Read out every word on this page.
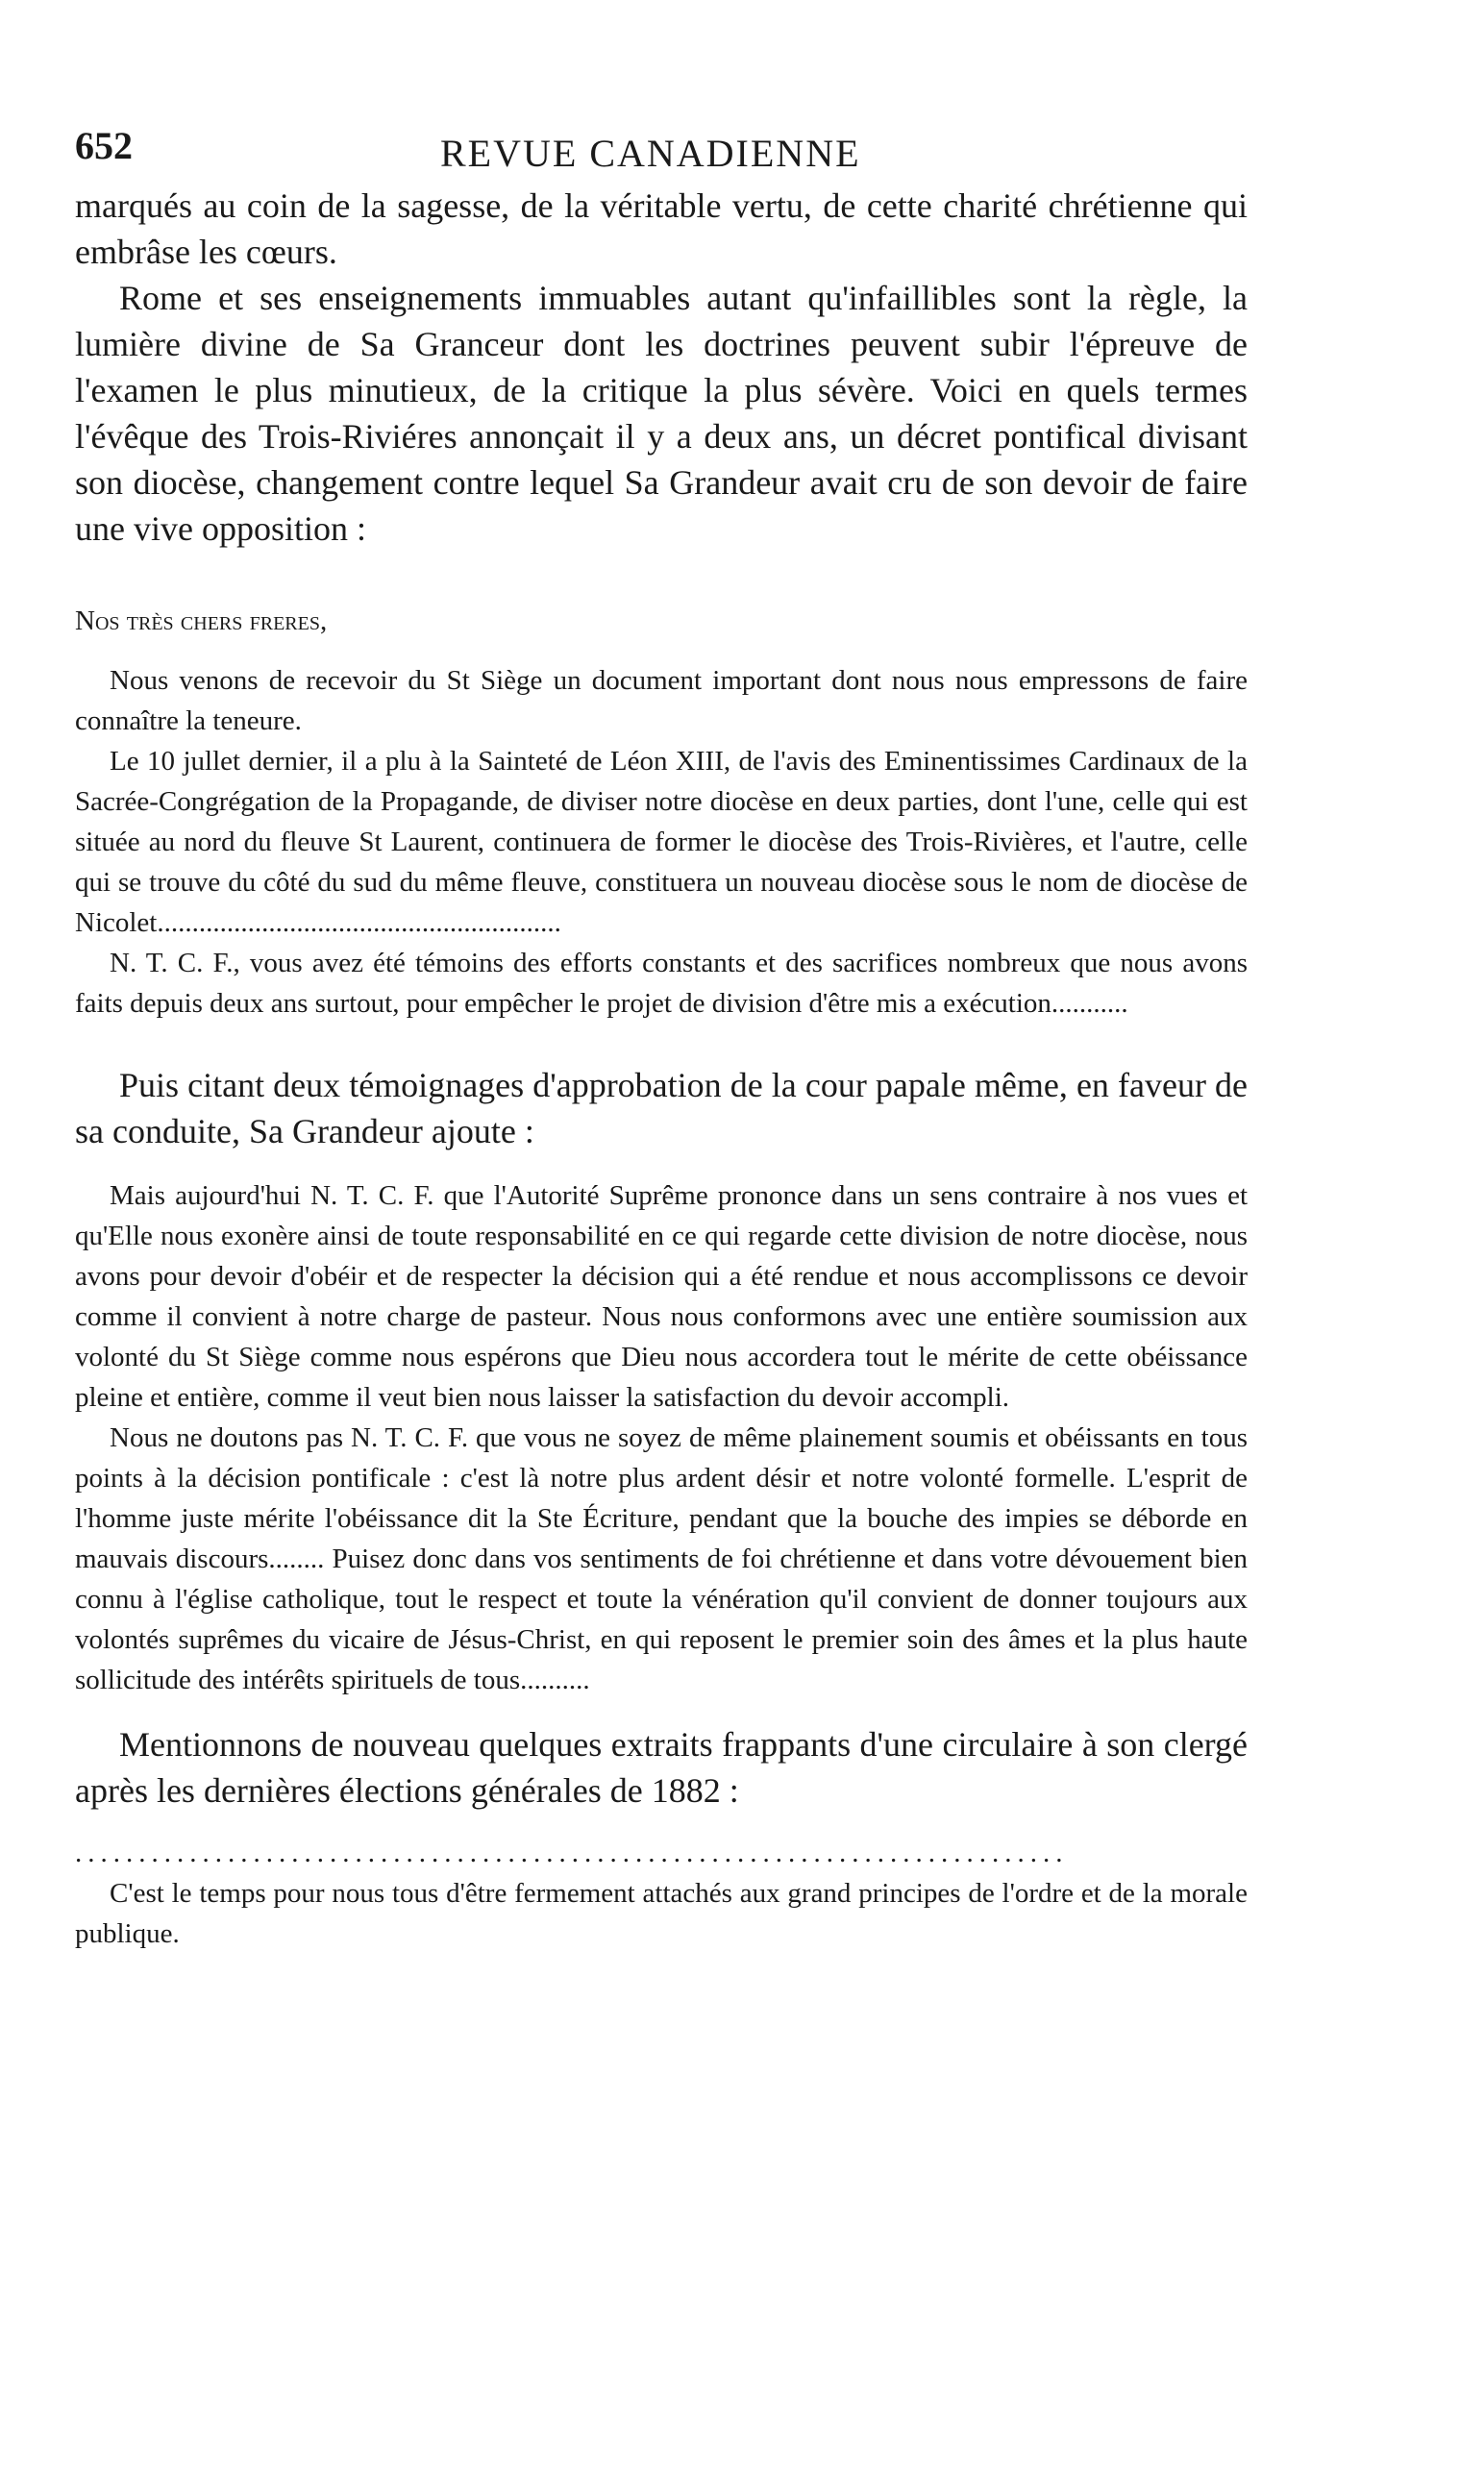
652	REVUE CANADIENNE

marqués au coin de la sagesse, de la véritable vertu, de cette charité chrétienne qui embrâse les cœurs.

Rome et ses enseignements immuables autant qu'infaillibles sont la règle, la lumière divine de Sa Granceur dont les doctrines peuvent subir l'épreuve de l'examen le plus minutieux, de la critique la plus sévère. Voici en quels termes l'évêque des Trois-Riviéres annonçait il y a deux ans, un décret pontifical divisant son diocèse, changement contre lequel Sa Grandeur avait cru de son devoir de faire une vive opposition :

Nos très chers freres,

Nous venons de recevoir du St Siège un document important dont nous nous empressons de faire connaître la teneure.

Le 10 jullet dernier, il a plu à la Sainteté de Léon XIII, de l'avis des Eminentissimes Cardinaux de la Sacrée-Congrégation de la Propagande, de diviser notre diocèse en deux parties, dont l'une, celle qui est située au nord du fleuve St Laurent, continuera de former le diocèse des Trois-Rivières, et l'autre, celle qui se trouve du côté du sud du même fleuve, constituera un nouveau diocèse sous le nom de diocèse de Nicolet..........................................................

N. T. C. F., vous avez été témoins des efforts constants et des sacrifices nombreux que nous avons faits depuis deux ans surtout, pour empêcher le projet de division d'être mis a exécution...........

Puis citant deux témoignages d'approbation de la cour papale même, en faveur de sa conduite, Sa Grandeur ajoute :

Mais aujourd'hui N. T. C. F. que l'Autorité Suprême prononce dans un sens contraire à nos vues et qu'Elle nous exonère ainsi de toute responsabilité en ce qui regarde cette division de notre diocèse, nous avons pour devoir d'obéir et de respecter la décision qui a été rendue et nous accomplissons ce devoir comme il convient à notre charge de pasteur. Nous nous conformons avec une entière soumission aux volonté du St Siège comme nous espérons que Dieu nous accordera tout le mérite de cette obéissance pleine et entière, comme il veut bien nous laisser la satisfaction du devoir accompli.

Nous ne doutons pas N. T. C. F. que vous ne soyez de même plainement soumis et obéissants en tous points à la décision pontificale : c'est là notre plus ardent désir et notre volonté formelle. L'esprit de l'homme juste mérite l'obéissance dit la Ste Écriture, pendant que la bouche des impies se déborde en mauvais discours........ Puisez donc dans vos sentiments de foi chrétienne et dans votre dévouement bien connu à l'église catholique, tout le respect et toute la vénération qu'il convient de donner toujours aux volontés suprêmes du vicaire de Jésus-Christ, en qui reposent le premier soin des âmes et la plus haute sollicitude des intérêts spirituels de tous..........

Mentionnons de nouveau quelques extraits frappants d'une circulaire à son clergé après les dernières élections générales de 1882 :

..............................................................................

C'est le temps pour nous tous d'être fermement attachés aux grand principes de l'ordre et de la morale publique.
